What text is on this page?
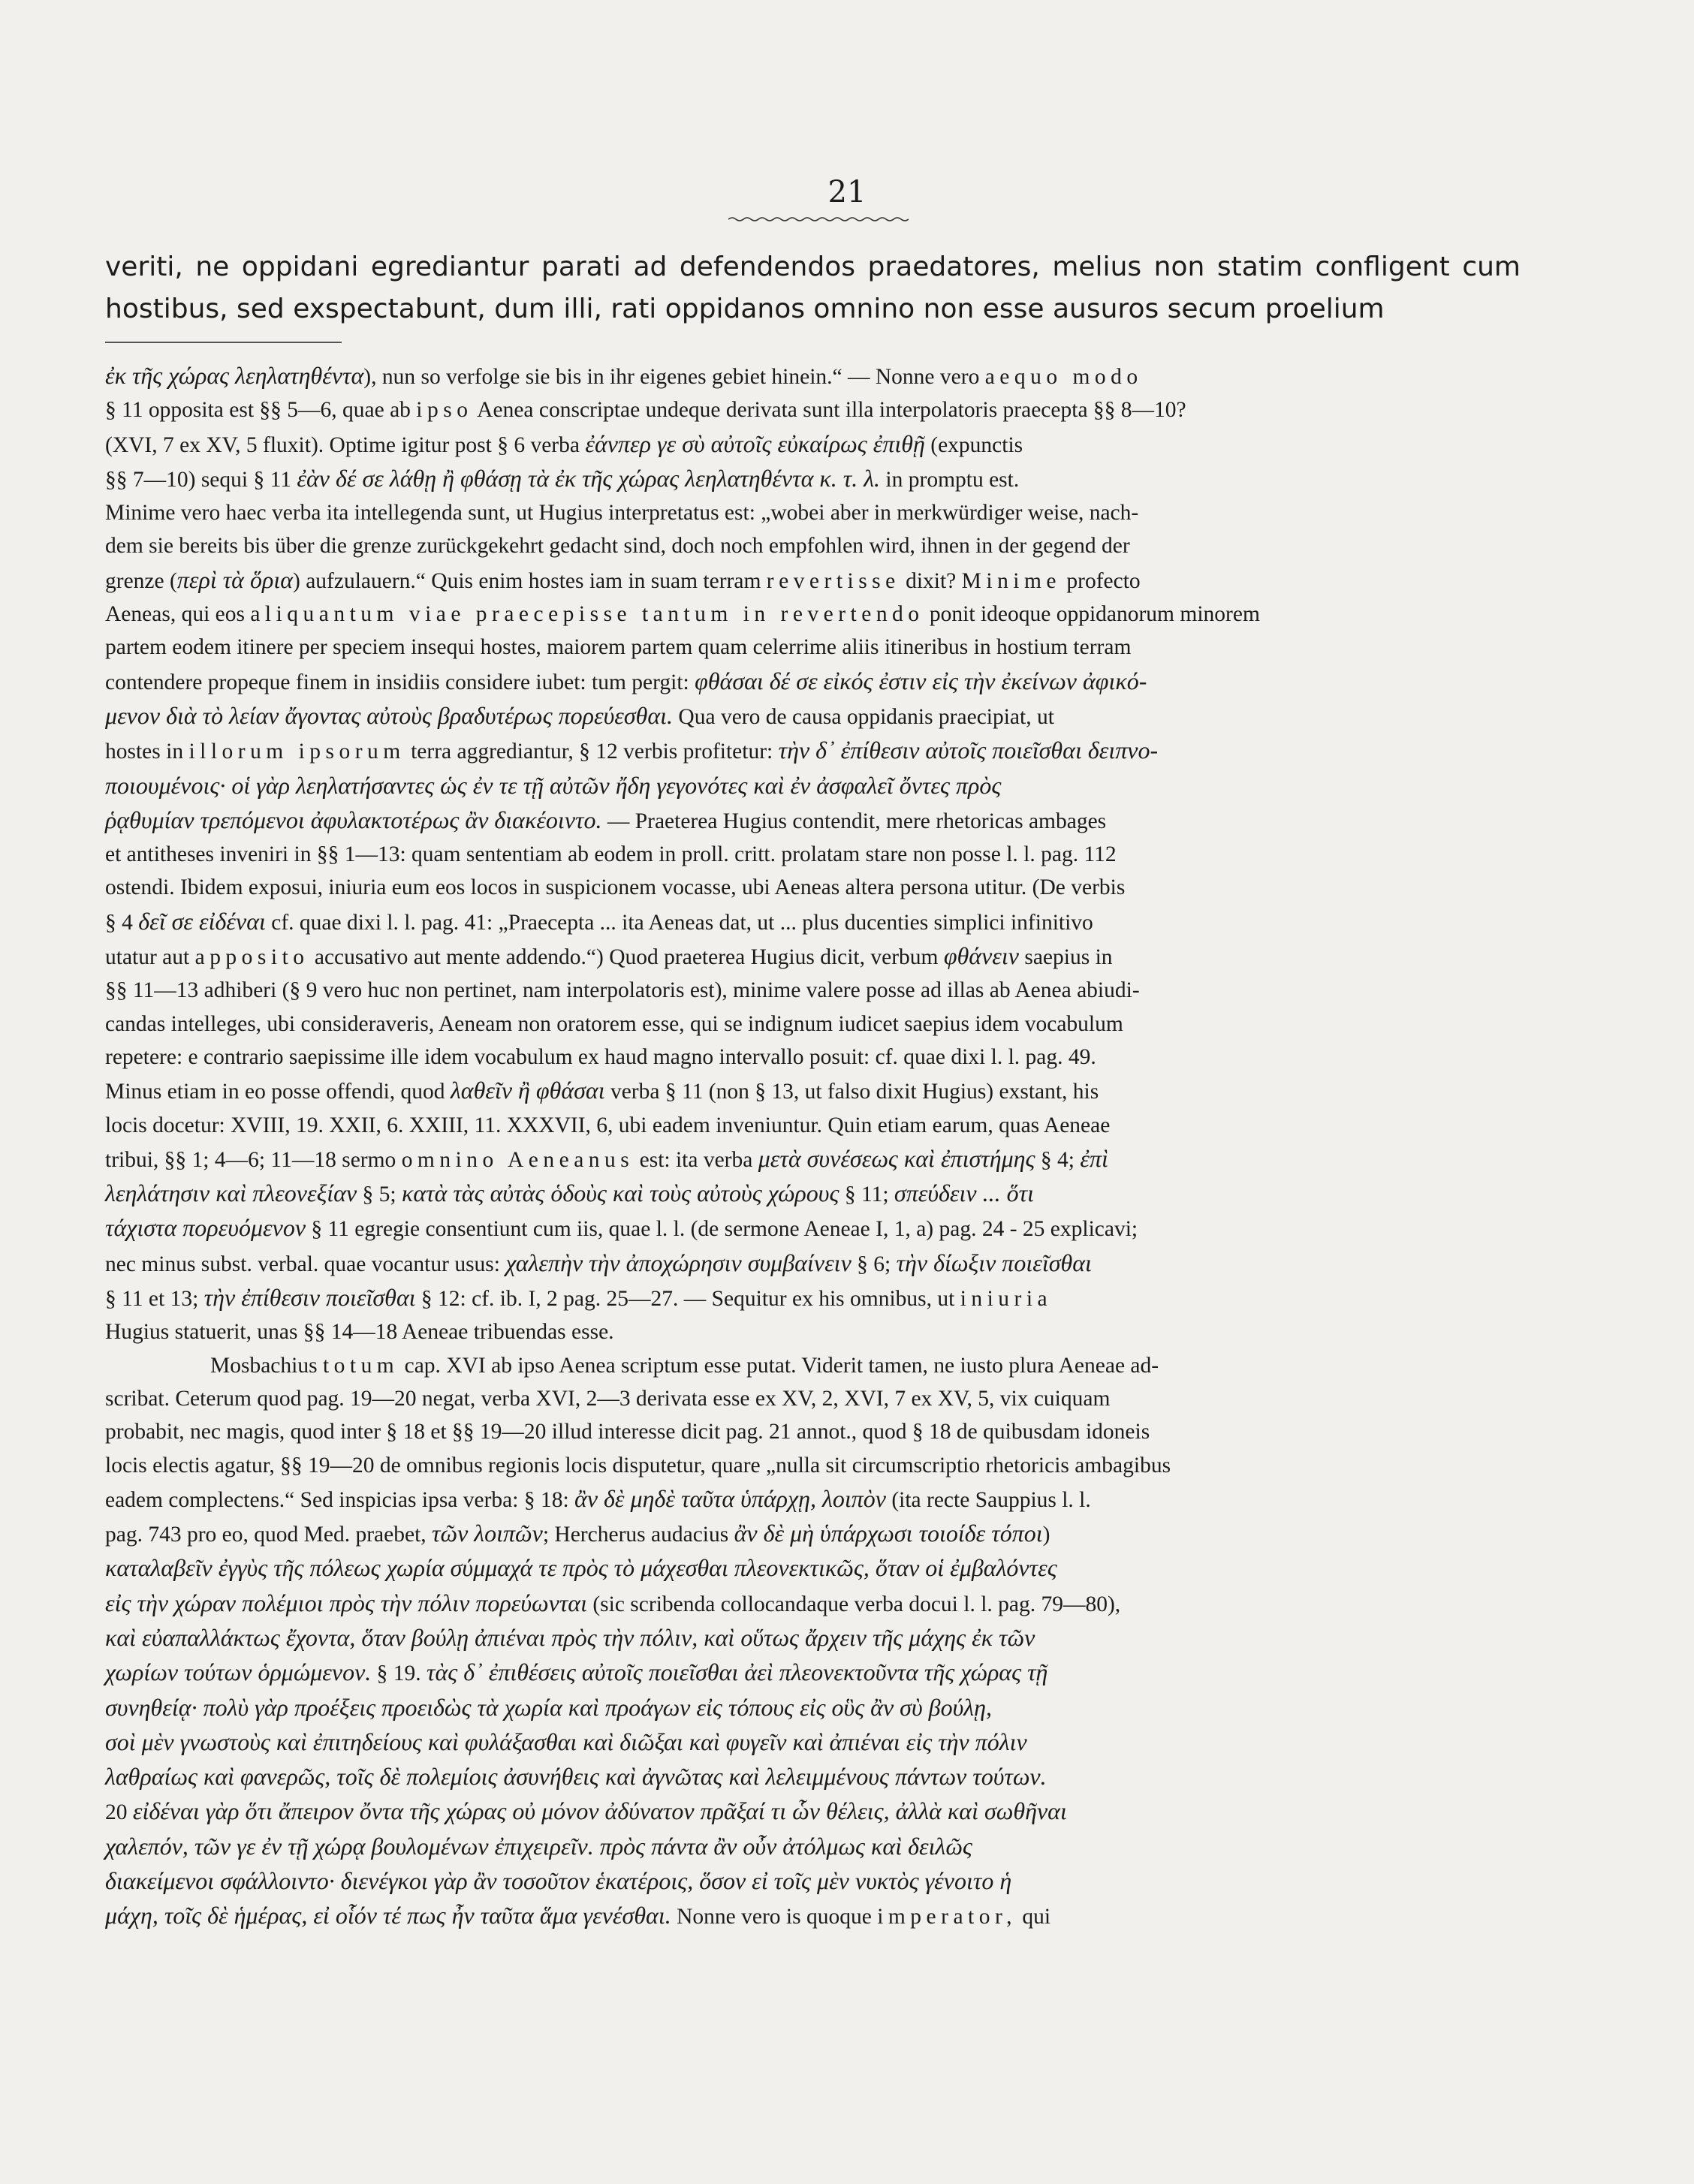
21

veriti, ne oppidani egrediantur parati ad defendendos praedatores, melius non statim confligent cum hostibus, sed exspectabunt, dum illi, rati oppidanos omnino non esse ausuros secum proelium

ἐκ τῆς χώρας λεηλατηθέντα), nun so verfolge sie bis in ihr eigenes gebiet hinein.“ — Nonne vero aequo modo
§ 11 opposita est §§ 5—6, quae ab ipso Aenea conscriptae undeque derivata sunt illa interpolatoris praecepta §§ 8—10?
(XVI, 7 ex XV, 5 fluxit). Optime igitur post § 6 verba ἐάνπερ γε σὺ αὐτοῖς εὐκαίρως ἐπιθῇ (expunctis
§§ 7—10) sequi § 11 ἐὰν δέ σε λάθῃ ἢ φθάσῃ τὰ ἐκ τῆς χώρας λεηλατηθέντα κ. τ. λ. in promptu est.
Minime vero haec verba ita intellegenda sunt, ut Hugius interpretatus est: „wobei aber in merkwürdiger weise, nach-
dem sie bereits bis über die grenze zurückgekehrt gedacht sind, doch noch empfohlen wird, ihnen in der gegend der
grenze (περὶ τὰ ὅρια) aufzulauern.“ Quis enim hostes iam in suam terram revertisse dixit? Minime profecto
Aeneas, qui eos aliquantum viae praecepisse tantum in revertendo ponit ideoque oppidanorum minorem
partem eodem itinere per speciem insequi hostes, maiorem partem quam celerrime aliis itineribus in hostium terram
contendere propeque finem in insidiis considere iubet: tum pergit: φθάσαι δέ σε εἰκός ἐστιν εἰς τὴν ἐκείνων ἀφικό-
μενον διὰ τὸ λείαν ἄγοντας αὐτοὺς βραδυτέρως πορεύεσθαι. Qua vero de causa oppidanis praecipiat, ut
hostes in illorum ipsorum terra aggrediantur, § 12 verbis profitetur: τὴν δ᾽ ἐπίθεσιν αὐτοῖς ποιεῖσθαι δειπνο-
ποιουμένοις· οἱ γὰρ λεηλατήσαντες ὡς ἐν τε τῇ αὐτῶν ἤδη γεγονότες καὶ ἐν ἀσφαλεῖ ὄντες πρὸς
ῥᾳθυμίαν τρεπόμενοι ἀφυλακτοτέρως ἂν διακέοιντο. — Praeterea Hugius contendit, mere rhetoricas ambages
et antitheses inveniri in §§ 1—13: quam sententiam ab eodem in proll. critt. prolatam stare non posse l. l. pag. 112
ostendi. Ibidem exposui, iniuria eum eos locos in suspicionem vocasse, ubi Aeneas altera persona utitur. (De verbis
§ 4 δεῖ σε εἰδέναι cf. quae dixi l. l. pag. 41: „Praecepta ... ita Aeneas dat, ut ... plus ducenties simplici infinitivo
utatur aut apposito accusativo aut mente addendo.“) Quod praeterea Hugius dicit, verbum φθάνειν saepius in
§§ 11—13 adhiberi (§ 9 vero huc non pertinet, nam interpolatoris est), minime valere posse ad illas ab Aenea abiudi-
candas intelleges, ubi consideraveris, Aeneam non oratorem esse, qui se indignum iudicet saepius idem vocabulum
repetere: e contrario saepissime ille idem vocabulum ex haud magno intervallo posuit: cf. quae dixi l. l. pag. 49.
Minus etiam in eo posse offendi, quod λαθεῖν ἢ φθάσαι verba § 11 (non § 13, ut falso dixit Hugius) exstant, his
locis docetur: XVIII, 19. XXII, 6. XXIII, 11. XXXVII, 6, ubi eadem inveniuntur. Quin etiam earum, quas Aeneae
tribui, §§ 1; 4—6; 11—18 sermo omnino Aeneanus est: ita verba μετὰ συνέσεως καὶ ἐπιστήμης § 4; ἐπὶ
λεηλάτησιν καὶ πλεονεξίαν § 5; κατὰ τὰς αὐτὰς ὁδοὺς καὶ τοὺς αὐτοὺς χώρους § 11; σπεύδειν ... ὅτι
τάχιστα πορευόμενον § 11 egregie consentiunt cum iis, quae l. l. (de sermone Aeneae I, 1, a) pag. 24 - 25 explicavi;
nec minus subst. verbal. quae vocantur usus: χαλεπὴν τὴν ἀποχώρησιν συμβαίνειν § 6; τὴν δίωξιν ποιεῖσθαι
§ 11 et 13; τὴν ἐπίθεσιν ποιεῖσθαι § 12: cf. ib. I, 2 pag. 25—27. — Sequitur ex his omnibus, ut iniuria
Hugius statuerit, unas §§ 14—18 Aeneae tribuendas esse.
Mosbachius totum cap. XVI ab ipso Aenea scriptum esse putat. Viderit tamen, ne iusto plura Aeneae ad-
scribat. Ceterum quod pag. 19—20 negat, verba XVI, 2—3 derivata esse ex XV, 2, XVI, 7 ex XV, 5, vix cuiquam
probabit, nec magis, quod inter § 18 et §§ 19—20 illud interesse dicit pag. 21 annot., quod § 18 de quibusdam idoneis
locis electis agatur, §§ 19—20 de omnibus regionis locis disputetur, quare „nulla sit circumscriptio rhetoricis ambagibus
eadem complectens.“ Sed inspicias ipsa verba: § 18: ἂν δὲ μηδὲ ταῦτα ὑπάρχῃ, λοιπὸν (ita recte Sauppius l. l.
pag. 743 pro eo, quod Med. praebet, τῶν λοιπῶν; Hercherus audacius ἂν δὲ μὴ ὑπάρχωσι τοιοίδε τόποι)
καταλαβεῖν ἐγγὺς τῆς πόλεως χωρία σύμμαχά τε πρὸς τὸ μάχεσθαι πλεονεκτικῶς, ὅταν οἱ ἐμβαλόντες
εἰς τὴν χώραν πολέμιοι πρὸς τὴν πόλιν πορεύωνται (sic scribenda collocandaque verba docui l. l. pag. 79—80),
καὶ εὐαπαλλάκτως ἔχοντα, ὅταν βούλῃ ἀπιέναι πρὸς τὴν πόλιν, καὶ οὕτως ἄρχειν τῆς μάχης ἐκ τῶν
χωρίων τούτων ὁρμώμενον. § 19. τὰς δ᾽ ἐπιθέσεις αὐτοῖς ποιεῖσθαι ἀεὶ πλεονεκτοῦντα τῆς χώρας τῇ
συνηθείᾳ· πολὺ γὰρ προέξεις προειδὼς τὰ χωρία καὶ προάγων εἰς τόπους εἰς οὓς ἂν σὺ βούλῃ,
σοὶ μὲν γνωστοὺς καὶ ἐπιτηδείους καὶ φυλάξασθαι καὶ διῶξαι καὶ φυγεῖν καὶ ἀπιέναι εἰς τὴν πόλιν
λαθραίως καὶ φανερῶς, τοῖς δὲ πολεμίοις ἀσυνήθεις καὶ ἀγνῶτας καὶ λελειμμένους πάντων τούτων.
20 εἰδέναι γὰρ ὅτι ἄπειρον ὄντα τῆς χώρας οὐ μόνον ἀδύνατον πρᾶξαί τι ὧν θέλεις, ἀλλὰ καὶ σωθῆναι
χαλεπόν, τῶν γε ἐν τῇ χώρᾳ βουλομένων ἐπιχειρεῖν. πρὸς πάντα ἂν οὖν ἀτόλμως καὶ δειλῶς
διακείμενοι σφάλλοιντο· διενέγκοι γὰρ ἂν τοσοῦτον ἑκατέροις, ὅσον εἰ τοῖς μὲν νυκτὸς γένοιτο ἡ
μάχη, τοῖς δὲ ἡμέρας, εἰ οἷόν τέ πως ἦν ταῦτα ἅμα γενέσθαι. Nonne vero is quoque imperator, qui
